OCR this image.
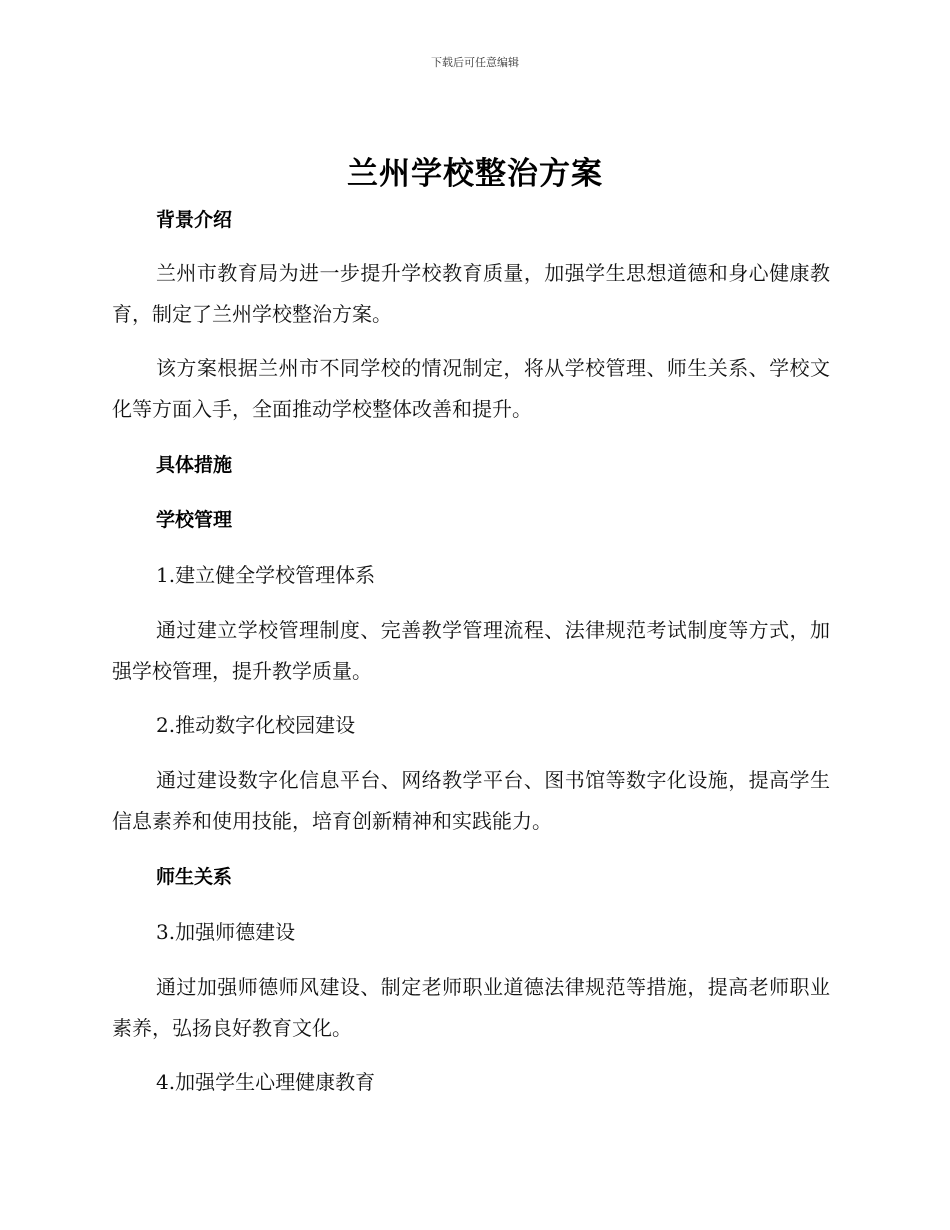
下载后可任意编辑
兰州学校整治方案

背景介绍

兰州市教育局为进一步提升学校教育质量，加强学生思想道德和身心健康教育，制定了兰州学校整治方案。

该方案根据兰州市不同学校的情况制定，将从学校管理、师生关系、学校文化等方面入手，全面推动学校整体改善和提升。

具体措施

学校管理

1.建立健全学校管理体系

通过建立学校管理制度、完善教学管理流程、法律规范考试制度等方式，加强学校管理，提升教学质量。

2.推动数字化校园建设

通过建设数字化信息平台、网络教学平台、图书馆等数字化设施，提高学生信息素养和使用技能，培育创新精神和实践能力。

师生关系

3.加强师德建设

通过加强师德师风建设、制定老师职业道德法律规范等措施，提高老师职业素养，弘扬良好教育文化。

4.加强学生心理健康教育
